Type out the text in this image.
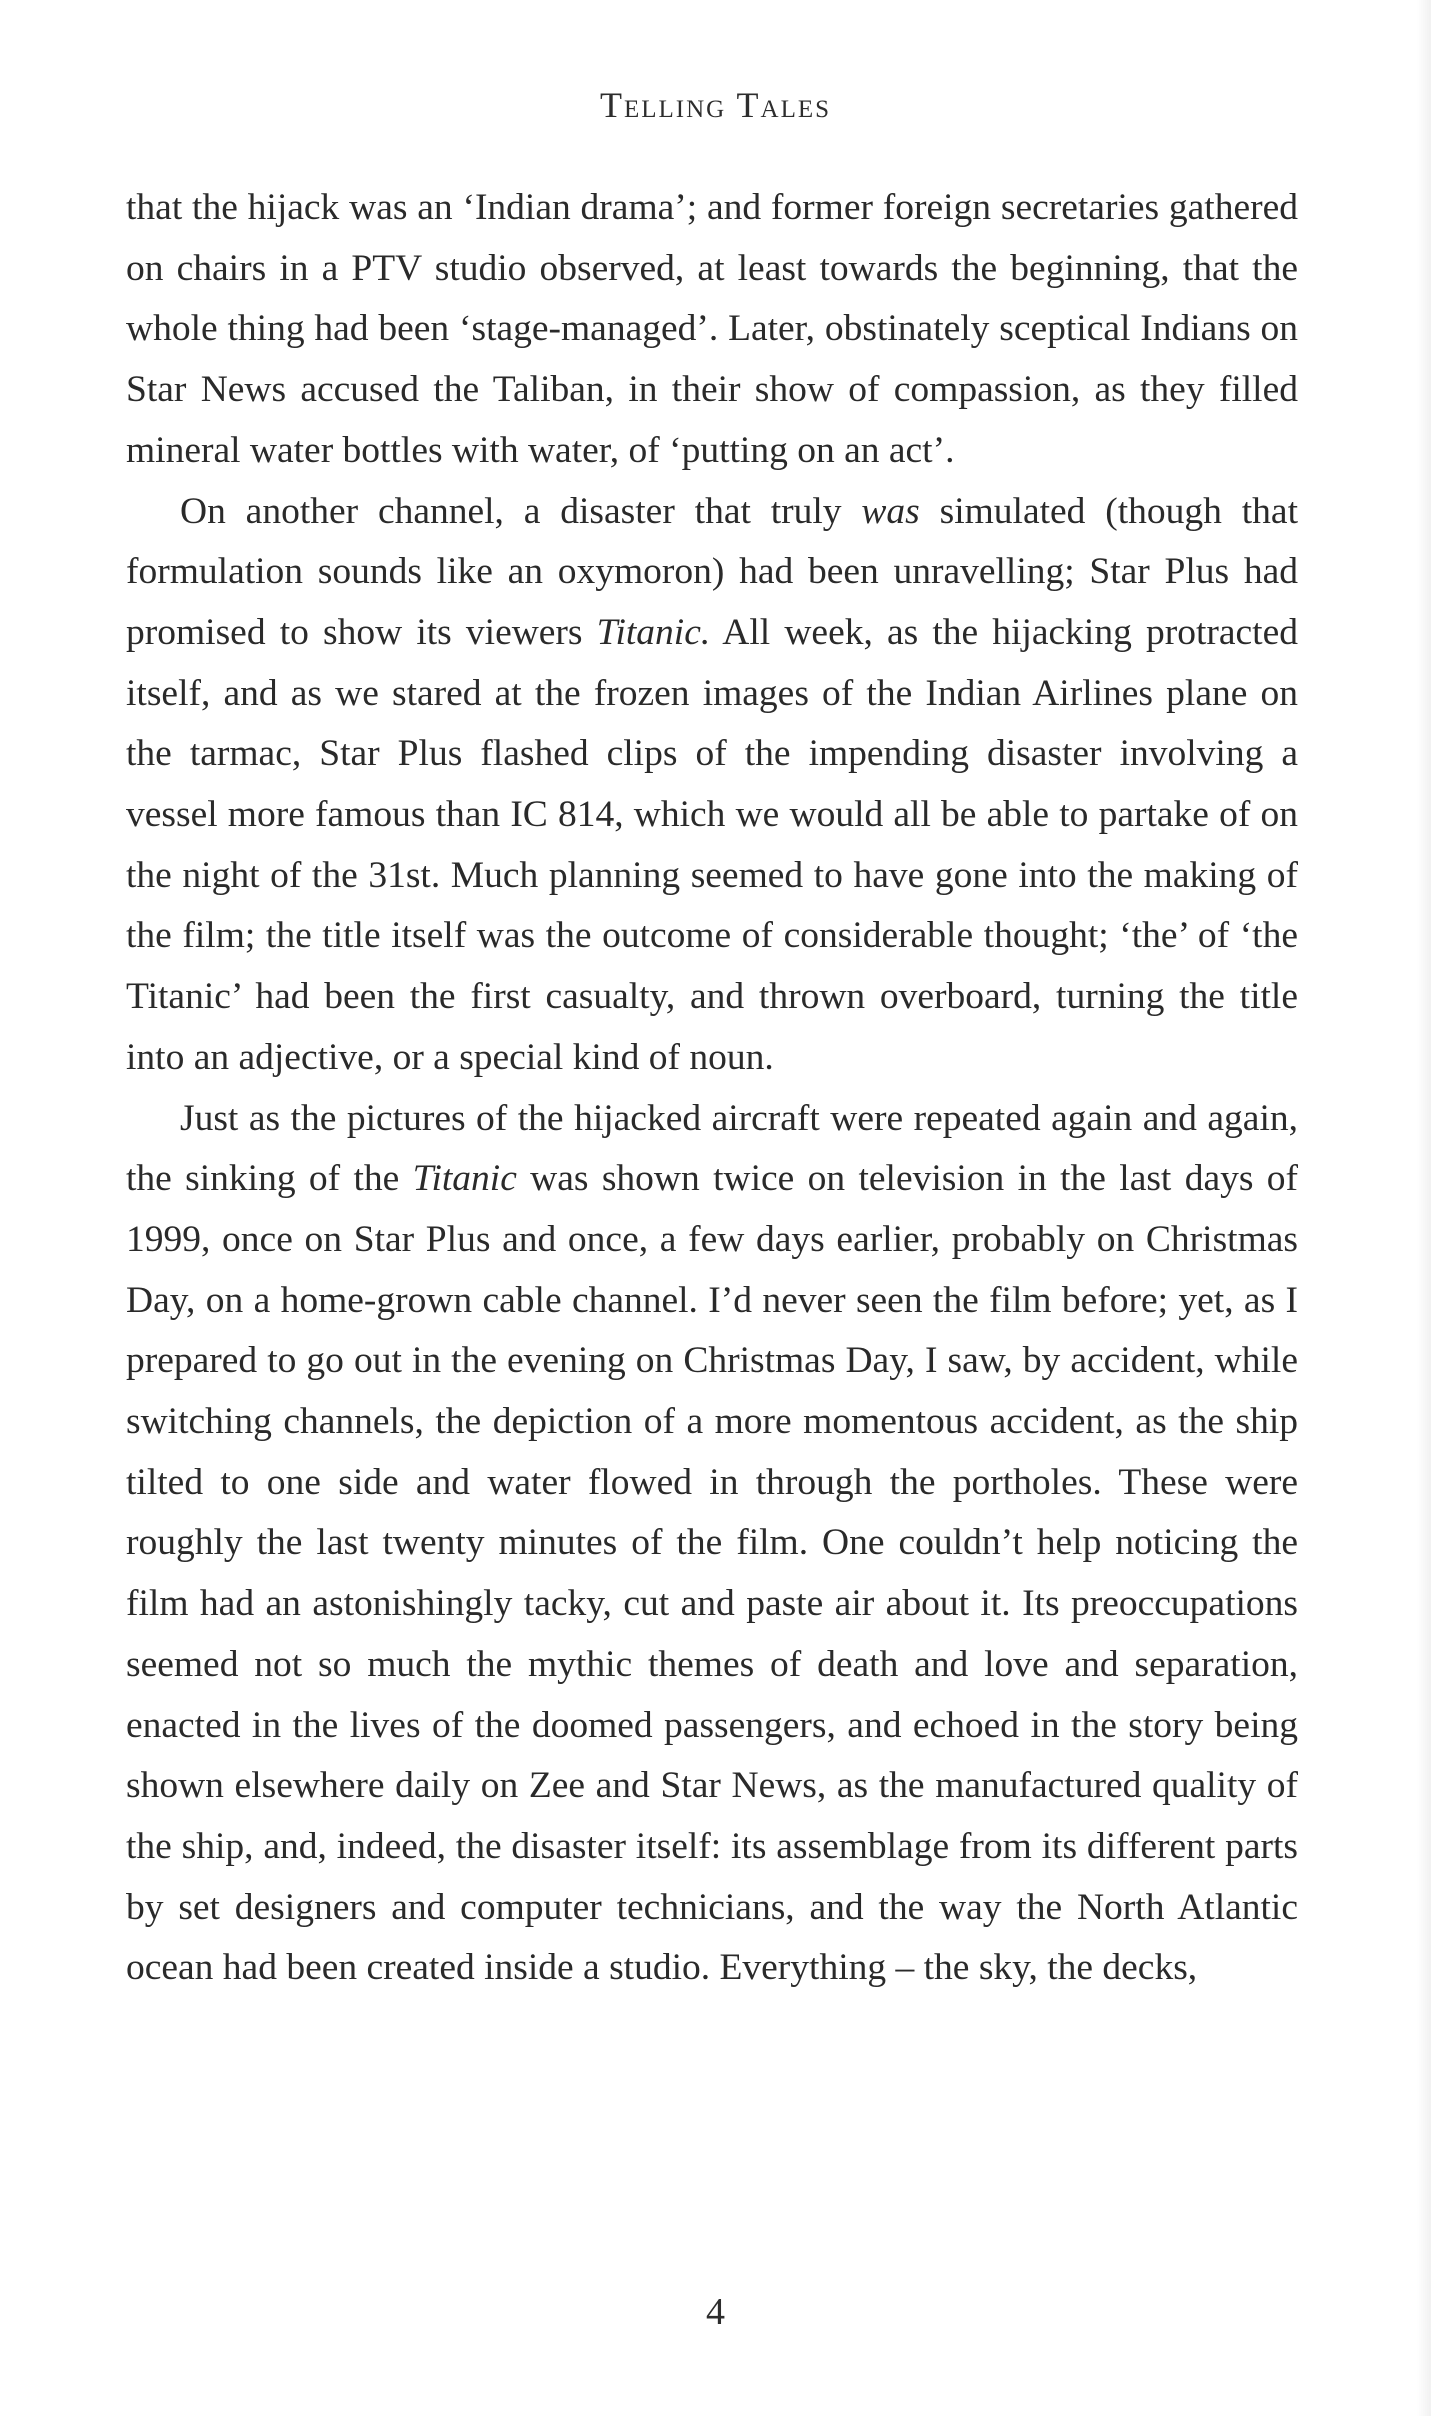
Telling Tales

that the hijack was an ‘Indian drama’; and former foreign secretaries gathered on chairs in a PTV studio observed, at least towards the beginning, that the whole thing had been ‘stage-managed’. Later, obstinately sceptical Indians on Star News accused the Taliban, in their show of compassion, as they filled mineral water bottles with water, of ‘putting on an act’.

On another channel, a disaster that truly was simulated (though that formulation sounds like an oxymoron) had been unravelling; Star Plus had promised to show its viewers Titanic. All week, as the hijacking protracted itself, and as we stared at the frozen images of the Indian Airlines plane on the tarmac, Star Plus flashed clips of the impending disaster involving a vessel more famous than IC 814, which we would all be able to partake of on the night of the 31st. Much planning seemed to have gone into the making of the film; the title itself was the outcome of considerable thought; ‘the’ of ‘the Titanic’ had been the first casualty, and thrown overboard, turning the title into an adjective, or a special kind of noun.

Just as the pictures of the hijacked aircraft were repeated again and again, the sinking of the Titanic was shown twice on television in the last days of 1999, once on Star Plus and once, a few days earlier, probably on Christmas Day, on a home-grown cable channel. I’d never seen the film before; yet, as I prepared to go out in the evening on Christmas Day, I saw, by accident, while switching channels, the depiction of a more momentous accident, as the ship tilted to one side and water flowed in through the portholes. These were roughly the last twenty minutes of the film. One couldn’t help noticing the film had an astonishingly tacky, cut and paste air about it. Its preoccupations seemed not so much the mythic themes of death and love and separation, enacted in the lives of the doomed passengers, and echoed in the story being shown elsewhere daily on Zee and Star News, as the manufactured quality of the ship, and, indeed, the disaster itself: its assemblage from its different parts by set designers and computer technicians, and the way the North Atlantic ocean had been created inside a studio. Everything – the sky, the decks,

4
